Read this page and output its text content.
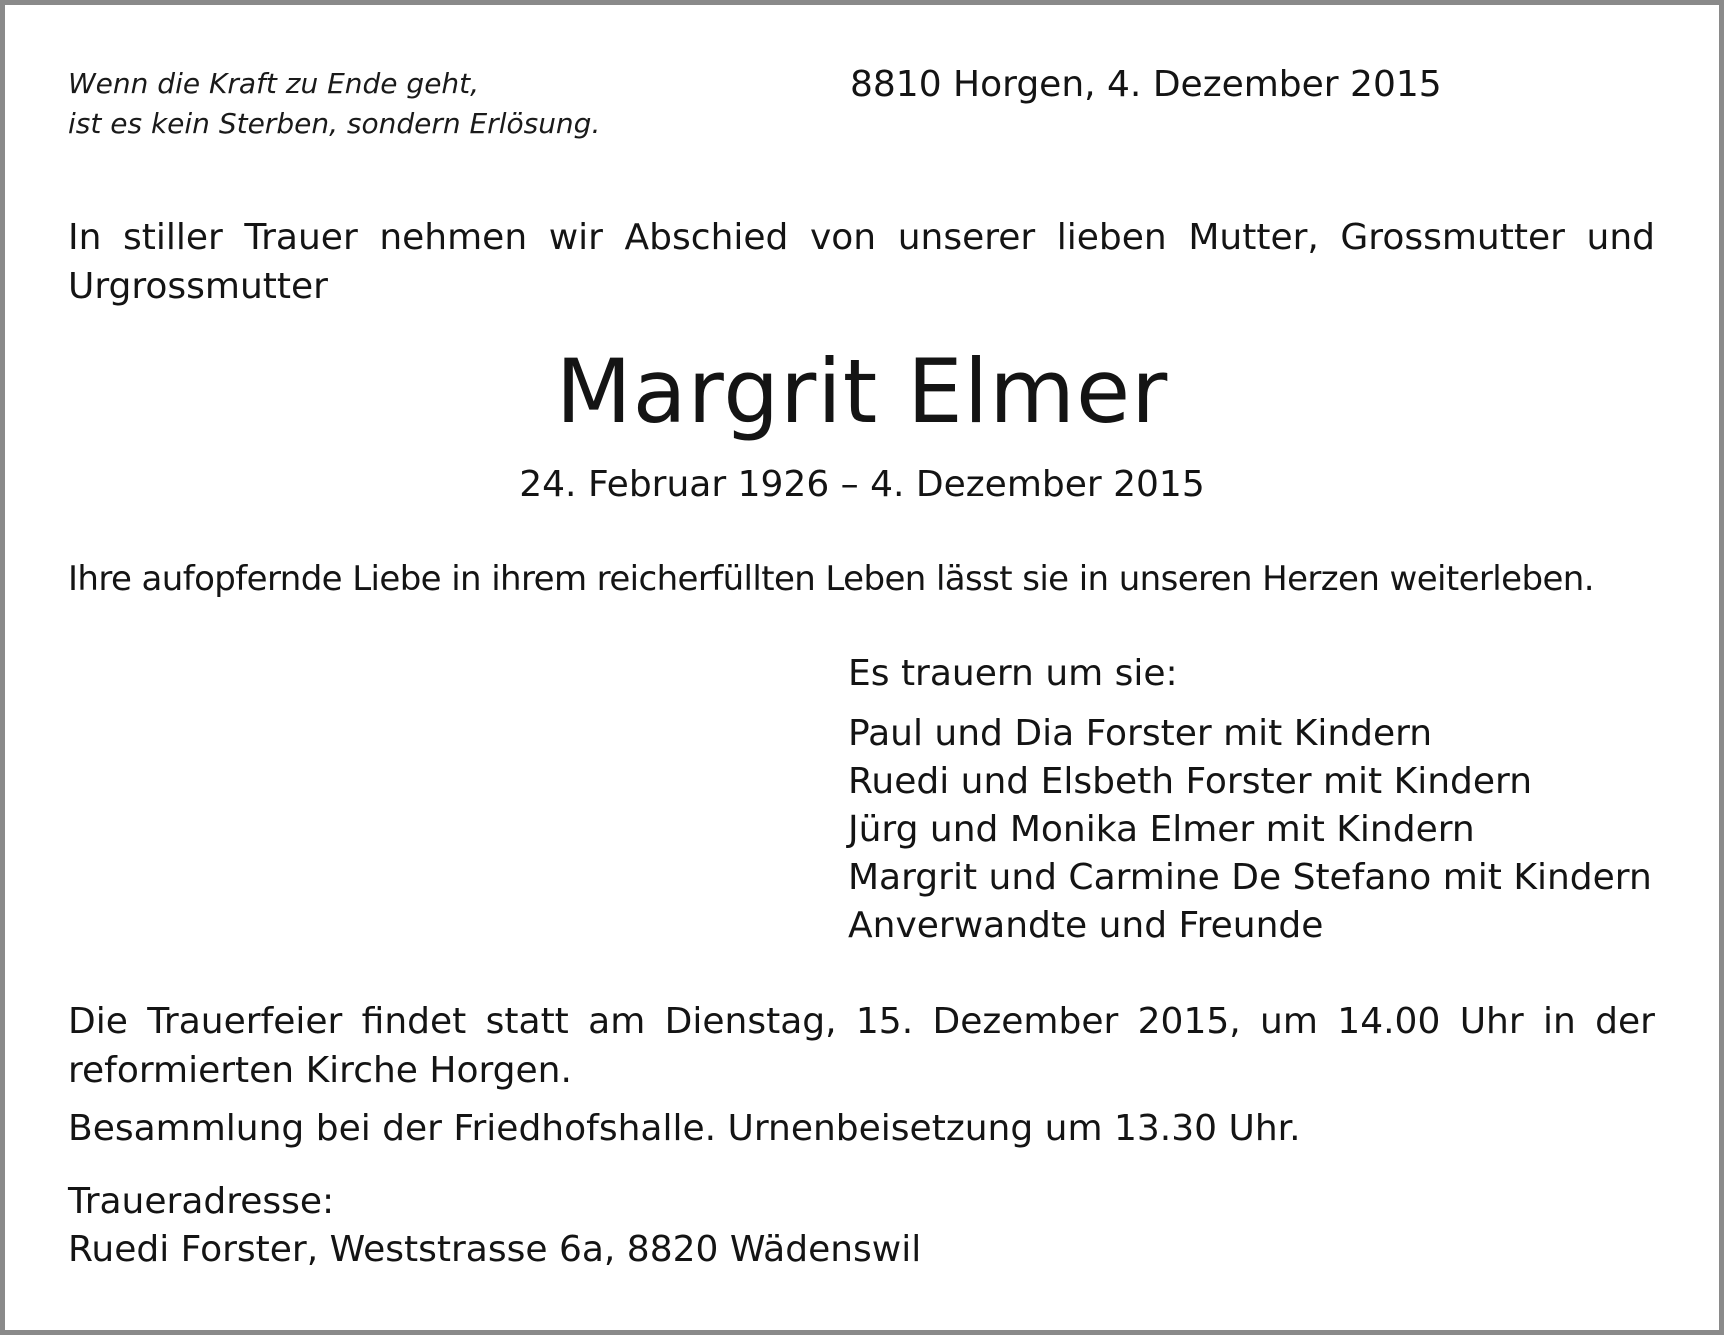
Wenn die Kraft zu Ende geht,
ist es kein Sterben, sondern Erlösung.
8810 Horgen, 4. Dezember 2015
In stiller Trauer nehmen wir Abschied von unserer lieben Mutter, Grossmutter und
Urgrossmutter
Margrit Elmer
24. Februar 1926 – 4. Dezember 2015
Ihre aufopfernde Liebe in ihrem reicherfüllten Leben lässt sie in unseren Herzen weiterleben.
Es trauern um sie:
Paul und Dia Forster mit Kindern
Ruedi und Elsbeth Forster mit Kindern
Jürg und Monika Elmer mit Kindern
Margrit und Carmine De Stefano mit Kindern
Anverwandte und Freunde
Die Trauerfeier findet statt am Dienstag, 15. Dezember 2015, um 14.00 Uhr in der
reformierten Kirche Horgen.
Besammlung bei der Friedhofshalle. Urnenbeisetzung um 13.30 Uhr.
Traueradresse:
Ruedi Forster, Weststrasse 6a, 8820 Wädenswil
